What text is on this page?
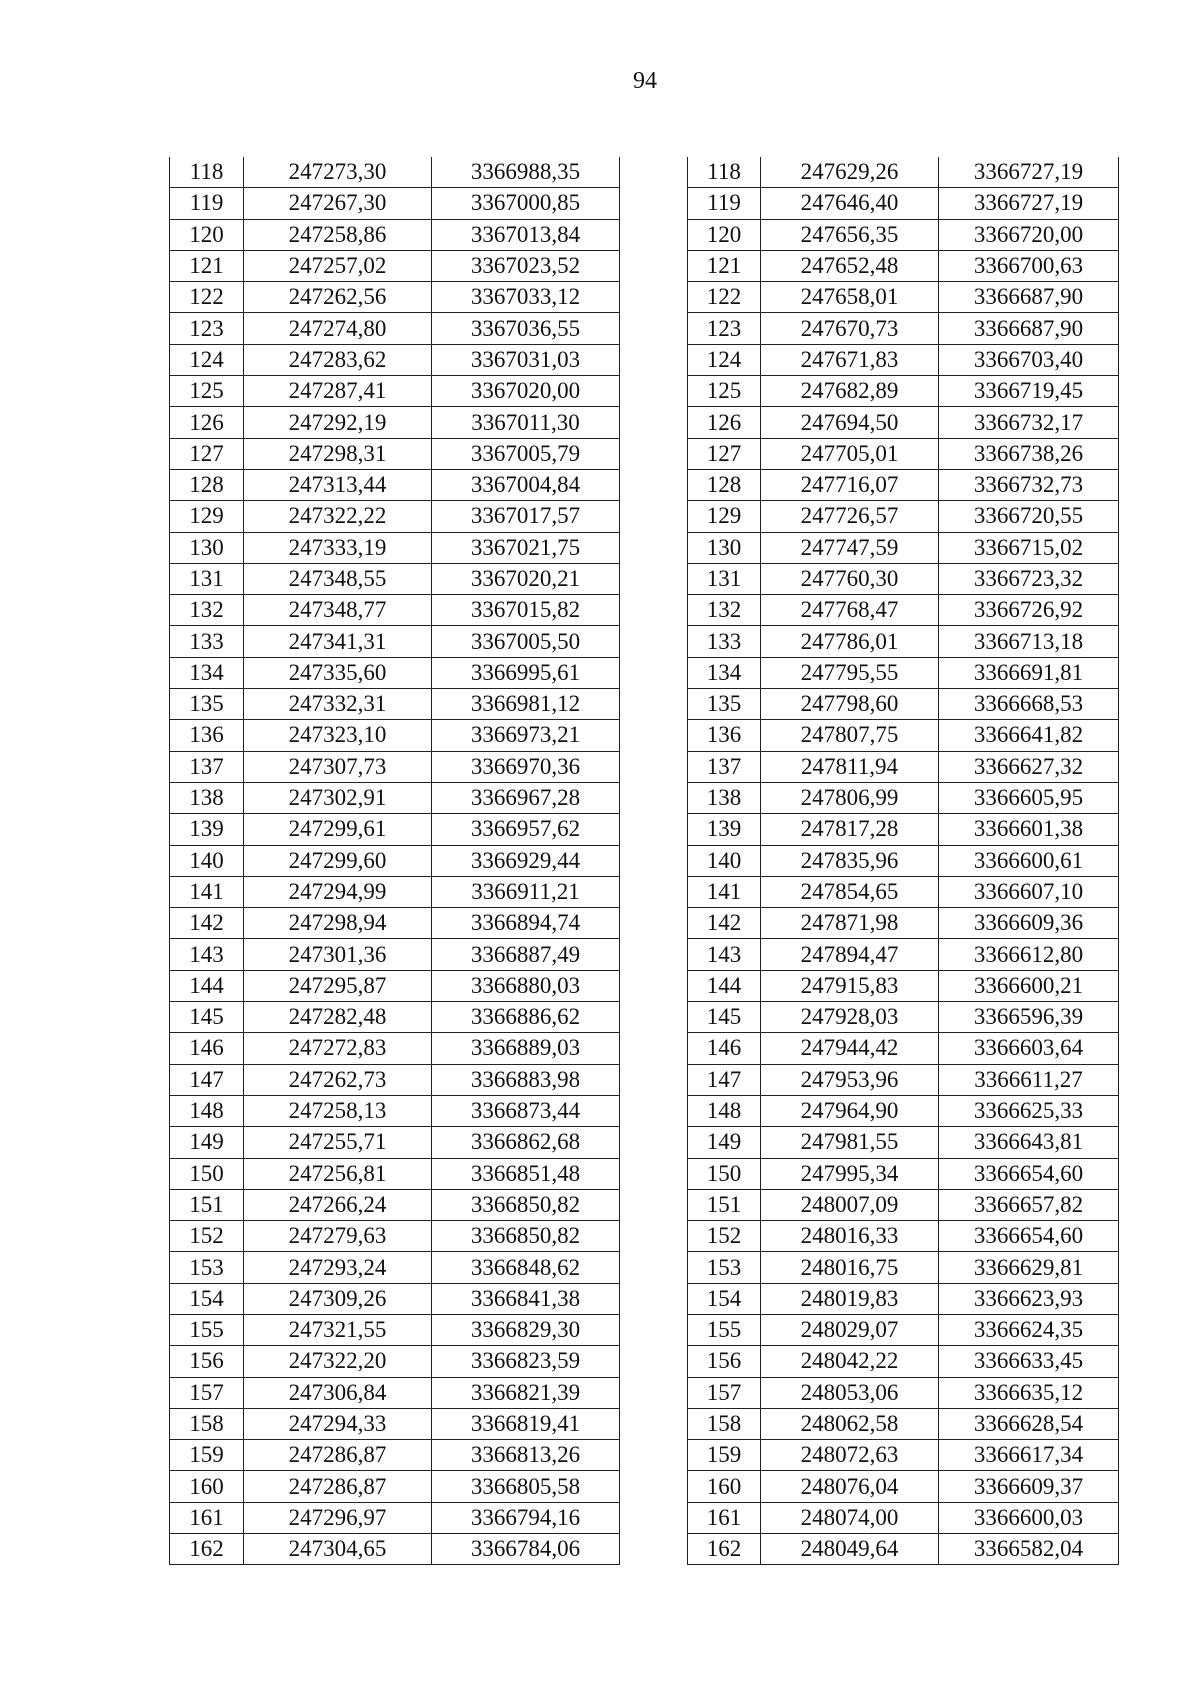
94
118	247273,30	3366988,35
119	247267,30	3367000,85
120	247258,86	3367013,84
121	247257,02	3367023,52
122	247262,56	3367033,12
123	247274,80	3367036,55
124	247283,62	3367031,03
125	247287,41	3367020,00
126	247292,19	3367011,30
127	247298,31	3367005,79
128	247313,44	3367004,84
129	247322,22	3367017,57
130	247333,19	3367021,75
131	247348,55	3367020,21
132	247348,77	3367015,82
133	247341,31	3367005,50
134	247335,60	3366995,61
135	247332,31	3366981,12
136	247323,10	3366973,21
137	247307,73	3366970,36
138	247302,91	3366967,28
139	247299,61	3366957,62
140	247299,60	3366929,44
141	247294,99	3366911,21
142	247298,94	3366894,74
143	247301,36	3366887,49
144	247295,87	3366880,03
145	247282,48	3366886,62
146	247272,83	3366889,03
147	247262,73	3366883,98
148	247258,13	3366873,44
149	247255,71	3366862,68
150	247256,81	3366851,48
151	247266,24	3366850,82
152	247279,63	3366850,82
153	247293,24	3366848,62
154	247309,26	3366841,38
155	247321,55	3366829,30
156	247322,20	3366823,59
157	247306,84	3366821,39
158	247294,33	3366819,41
159	247286,87	3366813,26
160	247286,87	3366805,58
161	247296,97	3366794,16
162	247304,65	3366784,06
118	247629,26	3366727,19
119	247646,40	3366727,19
120	247656,35	3366720,00
121	247652,48	3366700,63
122	247658,01	3366687,90
123	247670,73	3366687,90
124	247671,83	3366703,40
125	247682,89	3366719,45
126	247694,50	3366732,17
127	247705,01	3366738,26
128	247716,07	3366732,73
129	247726,57	3366720,55
130	247747,59	3366715,02
131	247760,30	3366723,32
132	247768,47	3366726,92
133	247786,01	3366713,18
134	247795,55	3366691,81
135	247798,60	3366668,53
136	247807,75	3366641,82
137	247811,94	3366627,32
138	247806,99	3366605,95
139	247817,28	3366601,38
140	247835,96	3366600,61
141	247854,65	3366607,10
142	247871,98	3366609,36
143	247894,47	3366612,80
144	247915,83	3366600,21
145	247928,03	3366596,39
146	247944,42	3366603,64
147	247953,96	3366611,27
148	247964,90	3366625,33
149	247981,55	3366643,81
150	247995,34	3366654,60
151	248007,09	3366657,82
152	248016,33	3366654,60
153	248016,75	3366629,81
154	248019,83	3366623,93
155	248029,07	3366624,35
156	248042,22	3366633,45
157	248053,06	3366635,12
158	248062,58	3366628,54
159	248072,63	3366617,34
160	248076,04	3366609,37
161	248074,00	3366600,03
162	248049,64	3366582,04
